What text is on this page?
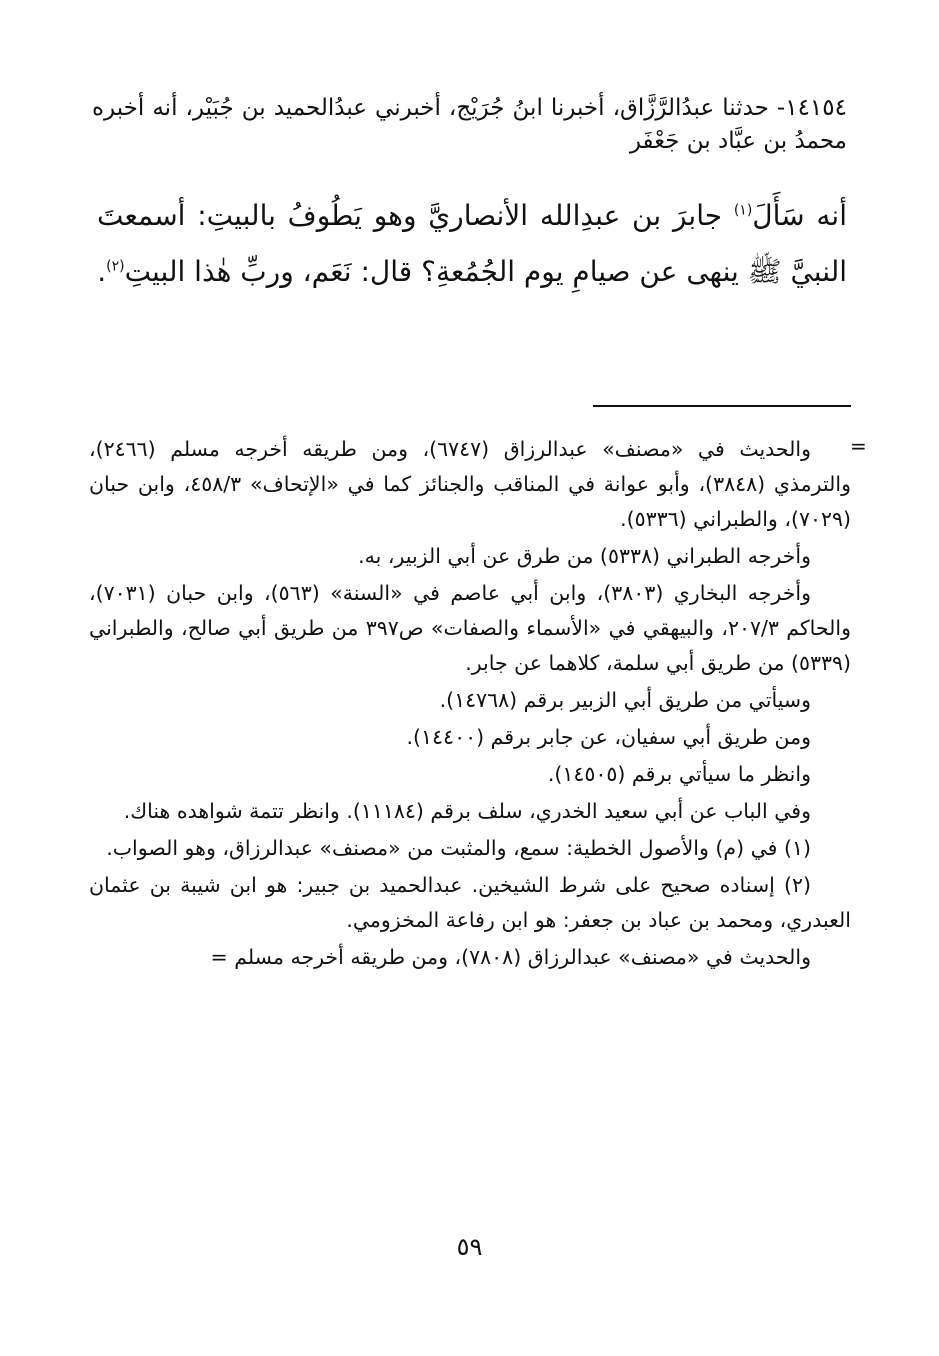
١٤١٥٤- حدثنا عبدُالرَّزَّاق، أخبرنا ابنُ جُرَيْج، أخبرني عبدُالحميد بن جُبَيْر، أنه أخبره محمدُ بن عبَّاد بن جَعْفَر
أنه سَأَلَ$^{(١)}$ جابرَ بن عبدِالله الأنصاريَّ وهو يَطُوفُ بالبيتِ: أسمعتَ النبيَّ ﷺ ينهى عن صيامِ يوم الجُمُعةِ؟ قال: نَعَم، وربِّ هٰذا البيتِ$^{(٢)}$.
=

والحديث في «مصنف» عبدالرزاق (٦٧٤٧)، ومن طريقه أخرجه مسلم (٢٤٦٦)، والترمذي (٣٨٤٨)، وأبو عوانة في المناقب والجنائز كما في «الإتحاف» ٤٥٨/٣، وابن حبان (٧٠٢٩)، والطبراني (٥٣٣٦).

وأخرجه الطبراني (٥٣٣٨) من طرق عن أبي الزبير، به.

وأخرجه البخاري (٣٨٠٣)، وابن أبي عاصم في «السنة» (٥٦٣)، وابن حبان (٧٠٣١)، والحاكم ٢٠٧/٣، والبيهقي في «الأسماء والصفات» ص٣٩٧ من طريق أبي صالح، والطبراني (٥٣٣٩) من طريق أبي سلمة، كلاهما عن جابر.

وسيأتي من طريق أبي الزبير برقم (١٤٧٦٨).

ومن طريق أبي سفيان، عن جابر برقم (١٤٤٠٠).

وانظر ما سيأتي برقم (١٤٥٠٥).

وفي الباب عن أبي سعيد الخدري، سلف برقم (١١١٨٤). وانظر تتمة شواهده هناك.

(١) في (م) والأصول الخطية: سمع، والمثبت من «مصنف» عبدالرزاق، وهو الصواب.

(٢) إسناده صحيح على شرط الشيخين. عبدالحميد بن جبير: هو ابن شيبة بن عثمان العبدري، ومحمد بن عباد بن جعفر: هو ابن رفاعة المخزومي.

والحديث في «مصنف» عبدالرزاق (٧٨٠٨)، ومن طريقه أخرجه مسلم =

٥٩
